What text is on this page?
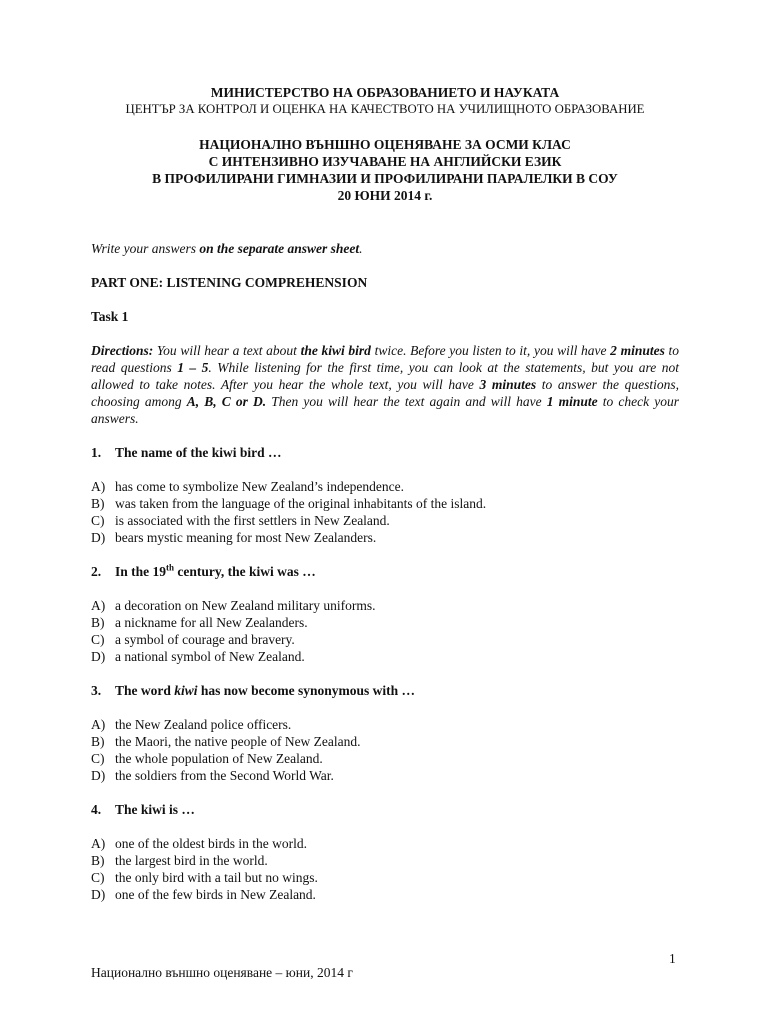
МИНИСТЕРСТВО НА ОБРАЗОВАНИЕТО И НАУКАТА
ЦЕНТЪР ЗА КОНТРОЛ И ОЦЕНКА НА КАЧЕСТВОТО НА УЧИЛИЩНОТО ОБРАЗОВАНИЕ
НАЦИОНАЛНО ВЪНШНО ОЦЕНЯВАНЕ ЗА ОСМИ КЛАС
С ИНТЕНЗИВНО ИЗУЧАВАНЕ НА АНГЛИЙСКИ ЕЗИК
В ПРОФИЛИРАНИ ГИМНАЗИИ И ПРОФИЛИРАНИ ПАРАЛЕЛКИ В СОУ
20 ЮНИ 2014 г.
Write your answers on the separate answer sheet.
PART ONE: LISTENING COMPREHENSION
Task 1
Directions: You will hear a text about the kiwi bird twice. Before you listen to it, you will have 2 minutes to read questions 1 – 5. While listening for the first time, you can look at the statements, but you are not allowed to take notes. After you hear the whole text, you will have 3 minutes to answer the questions, choosing among A, B, C or D. Then you will hear the text again and will have 1 minute to check your answers.
1. The name of the kiwi bird …
A) has come to symbolize New Zealand’s independence.
B) was taken from the language of the original inhabitants of the island.
C) is associated with the first settlers in New Zealand.
D) bears mystic meaning for most New Zealanders.
2. In the 19th century, the kiwi was …
A) a decoration on New Zealand military uniforms.
B) a nickname for all New Zealanders.
C) a symbol of courage and bravery.
D) a national symbol of New Zealand.
3. The word kiwi has now become synonymous with …
A) the New Zealand police officers.
B) the Maori, the native people of New Zealand.
C) the whole population of New Zealand.
D) the soldiers from the Second World War.
4. The kiwi is …
A) one of the oldest birds in the world.
B) the largest bird in the world.
C) the only bird with a tail but no wings.
D) one of the few birds in New Zealand.
1
Национално външно оценяване – юни, 2014 г
